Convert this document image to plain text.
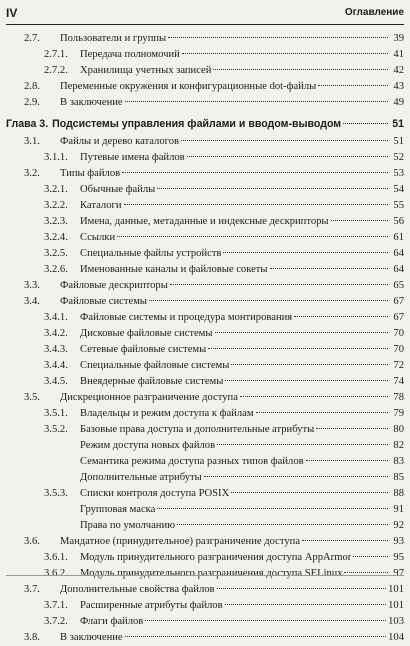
IV	Оглавление
2.7.	Пользователи и группы	39
2.7.1.	Передача полномочий	41
2.7.2.	Хранилища учетных записей	42
2.8.	Переменные окружения и конфигурационные dot-файлы	43
2.9.	В заключение	49
Глава 3. Подсистемы управления файлами и вводом-выводом	51
3.1.	Файлы и дерево каталогов	51
3.1.1.	Путевые имена файлов	52
3.2.	Типы файлов	53
3.2.1.	Обычные файлы	54
3.2.2.	Каталоги	55
3.2.3.	Имена, данные, метаданные и индексные дескрипторы	56
3.2.4.	Ссылки	61
3.2.5.	Специальные файлы устройств	64
3.2.6.	Именованные каналы и файловые сокеты	64
3.3.	Файловые дескрипторы	65
3.4.	Файловые системы	67
3.4.1.	Файловые системы и процедура монтирования	67
3.4.2.	Дисковые файловые системы	70
3.4.3.	Сетевые файловые системы	70
3.4.4.	Специальные файловые системы	72
3.4.5.	Внеядерные файловые системы	74
3.5.	Дискреционное разграничение доступа	78
3.5.1.	Владельцы и режим доступа к файлам	79
3.5.2.	Базовые права доступа и дополнительные атрибуты	80
Режим доступа новых файлов	82
Семантика режима доступа разных типов файлов	83
Дополнительные атрибуты	85
3.5.3.	Списки контроля доступа POSIX	88
Групповая маска	91
Права по умолчанию	92
3.6.	Мандатное (принудительное) разграничение доступа	93
3.6.1.	Модуль принудительного разграничения доступа AppArmor	95
3.6.2.	Модуль принудительного разграничения доступа SELinux	97
3.7.	Дополнительные свойства файлов	101
3.7.1.	Расширенные атрибуты файлов	101
3.7.2.	Флаги файлов	103
3.8.	В заключение	104
